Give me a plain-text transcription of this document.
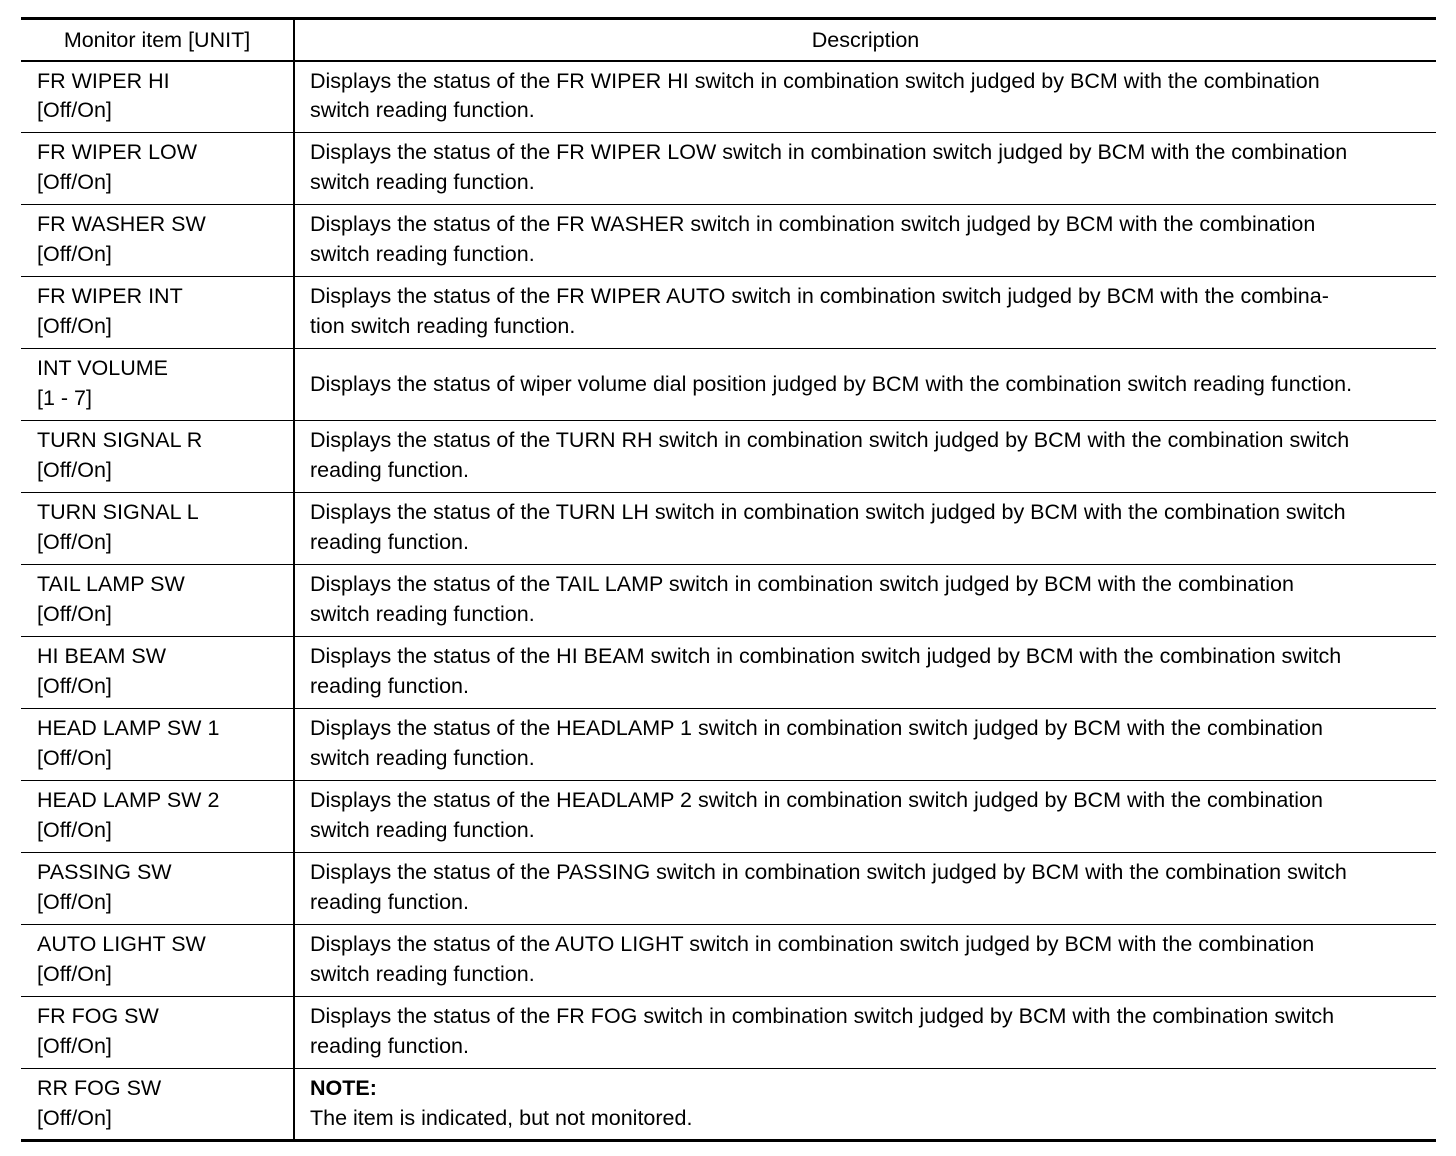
Monitor item [UNIT]	Description

FR WIPER HI
[Off/On]	Displays the status of the FR WIPER HI switch in combination switch judged by BCM with the combination
switch reading function.

FR WIPER LOW
[Off/On]	Displays the status of the FR WIPER LOW switch in combination switch judged by BCM with the combination
switch reading function.

FR WASHER SW
[Off/On]	Displays the status of the FR WASHER switch in combination switch judged by BCM with the combination
switch reading function.

FR WIPER INT
[Off/On]	Displays the status of the FR WIPER AUTO switch in combination switch judged by BCM with the combina-
tion switch reading function.

INT VOLUME
[1 - 7]	Displays the status of wiper volume dial position judged by BCM with the combination switch reading function.

TURN SIGNAL R
[Off/On]	Displays the status of the TURN RH switch in combination switch judged by BCM with the combination switch
reading function.

TURN SIGNAL L
[Off/On]	Displays the status of the TURN LH switch in combination switch judged by BCM with the combination switch
reading function.

TAIL LAMP SW
[Off/On]	Displays the status of the TAIL LAMP switch in combination switch judged by BCM with the combination
switch reading function.

HI BEAM SW
[Off/On]	Displays the status of the HI BEAM switch in combination switch judged by BCM with the combination switch
reading function.

HEAD LAMP SW 1
[Off/On]	Displays the status of the HEADLAMP 1 switch in combination switch judged by BCM with the combination
switch reading function.

HEAD LAMP SW 2
[Off/On]	Displays the status of the HEADLAMP 2 switch in combination switch judged by BCM with the combination
switch reading function.

PASSING SW
[Off/On]	Displays the status of the PASSING switch in combination switch judged by BCM with the combination switch
reading function.

AUTO LIGHT SW
[Off/On]	Displays the status of the AUTO LIGHT switch in combination switch judged by BCM with the combination
switch reading function.

FR FOG SW
[Off/On]	Displays the status of the FR FOG switch in combination switch judged by BCM with the combination switch
reading function.

RR FOG SW
[Off/On]	NOTE:
The item is indicated, but not monitored.
